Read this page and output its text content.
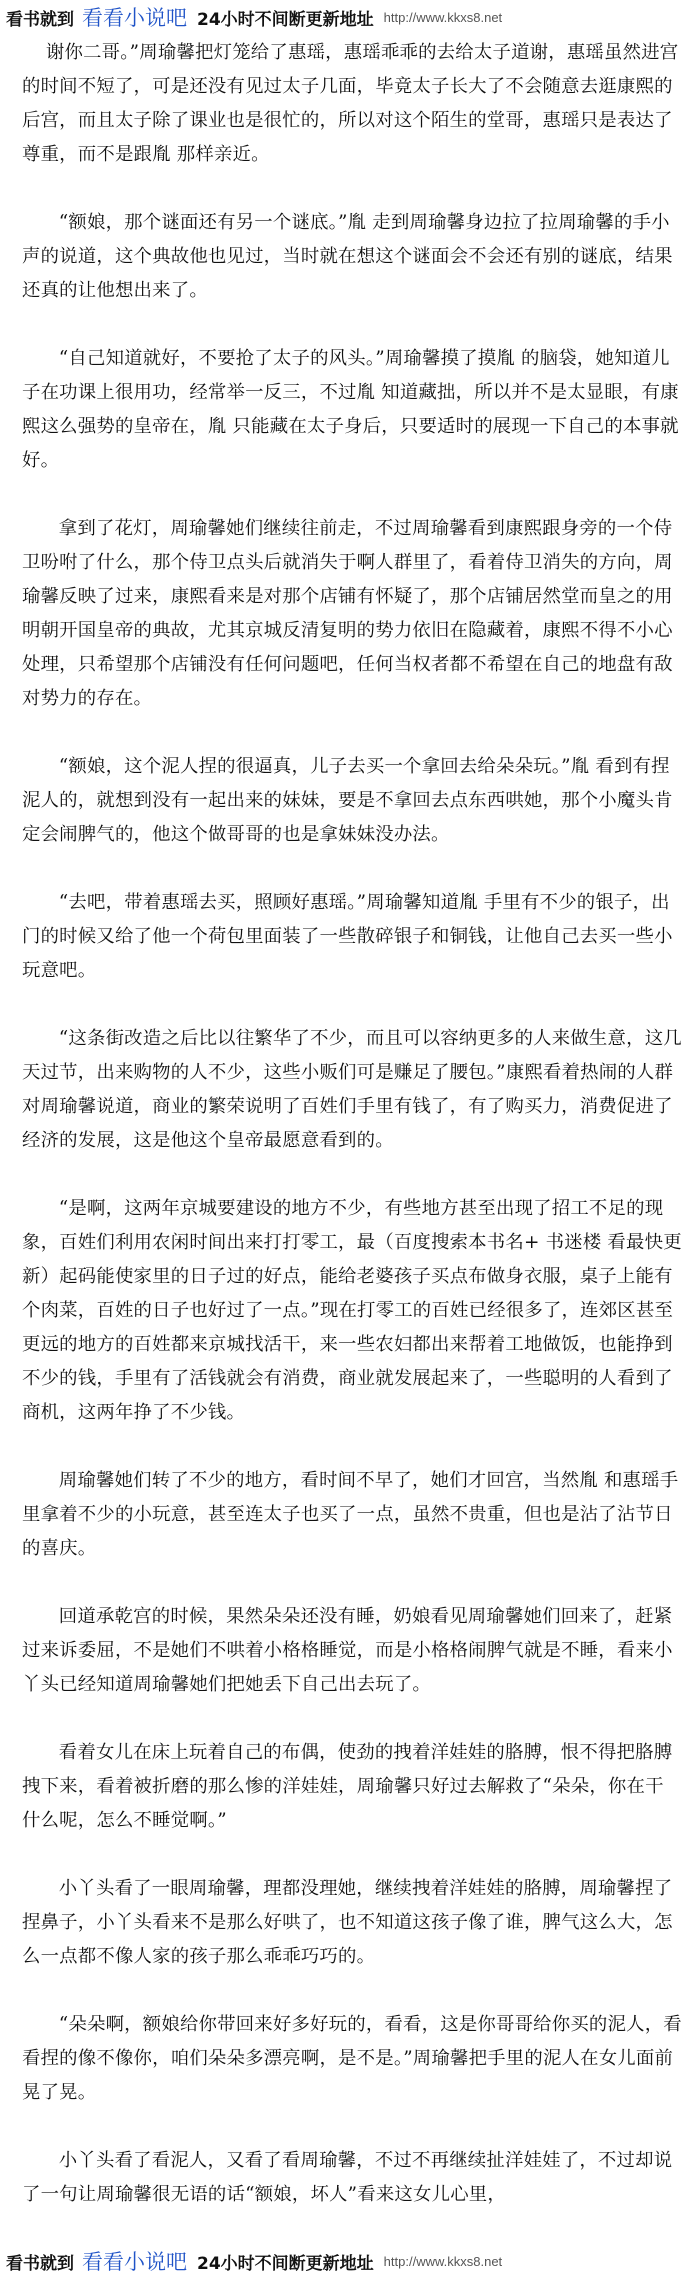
看书就到 看看小说吧 24小时不间断更新地址 http://www.kkxs8.net

谢你二哥。”周瑜馨把灯笼给了惠瑶，惠瑶乖乖的去给太子道谢，惠瑶虽然进宫的时间不短了，可是还没有见过太子几面，毕竟太子长大了不会随意去逛康熙的后宫，而且太子除了课业也是很忙的，所以对这个陌生的堂哥，惠瑶只是表达了尊重，而不是跟胤 那样亲近。

“额娘，那个谜面还有另一个谜底。”胤 走到周瑜馨身边拉了拉周瑜馨的手小声的说道，这个典故他也见过，当时就在想这个谜面会不会还有别的谜底，结果还真的让他想出来了。

“自己知道就好，不要抢了太子的风头。”周瑜馨摸了摸胤 的脑袋，她知道儿子在功课上很用功，经常举一反三，不过胤 知道藏拙，所以并不是太显眼，有康熙这么强势的皇帝在，胤 只能藏在太子身后，只要适时的展现一下自己的本事就好。

拿到了花灯，周瑜馨她们继续往前走，不过周瑜馨看到康熙跟身旁的一个侍卫吩咐了什么，那个侍卫点头后就消失于啊人群里了，看着侍卫消失的方向，周瑜馨反映了过来，康熙看来是对那个店铺有怀疑了，那个店铺居然堂而皇之的用明朝开国皇帝的典故，尤其京城反清复明的势力依旧在隐藏着，康熙不得不小心处理，只希望那个店铺没有任何问题吧，任何当权者都不希望在自己的地盘有敌对势力的存在。

“额娘，这个泥人捏的很逼真，儿子去买一个拿回去给朵朵玩。”胤 看到有捏泥人的，就想到没有一起出来的妹妹，要是不拿回去点东西哄她，那个小魔头肯定会闹脾气的，他这个做哥哥的也是拿妹妹没办法。

“去吧，带着惠瑶去买，照顾好惠瑶。”周瑜馨知道胤 手里有不少的银子，出门的时候又给了他一个荷包里面装了一些散碎银子和铜钱，让他自己去买一些小玩意吧。

“这条街改造之后比以往繁华了不少，而且可以容纳更多的人来做生意，这几天过节，出来购物的人不少，这些小贩们可是赚足了腰包。”康熙看着热闹的人群对周瑜馨说道，商业的繁荣说明了百姓们手里有钱了，有了购买力，消费促进了经济的发展，这是他这个皇帝最愿意看到的。

“是啊，这两年京城要建设的地方不少，有些地方甚至出现了招工不足的现象，百姓们利用农闲时间出来打打零工，最（百度搜索本书名+ 书迷楼 看最快更新）起码能使家里的日子过的好点，能给老婆孩子买点布做身衣服，桌子上能有个肉菜，百姓的日子也好过了一点。”现在打零工的百姓已经很多了，连郊区甚至更远的地方的百姓都来京城找活干，来一些农妇都出来帮着工地做饭，也能挣到不少的钱，手里有了活钱就会有消费，商业就发展起来了，一些聪明的人看到了商机，这两年挣了不少钱。

周瑜馨她们转了不少的地方，看时间不早了，她们才回宫，当然胤 和惠瑶手里拿着不少的小玩意，甚至连太子也买了一点，虽然不贵重，但也是沾了沾节日的喜庆。

回道承乾宫的时候，果然朵朵还没有睡，奶娘看见周瑜馨她们回来了，赶紧过来诉委屈，不是她们不哄着小格格睡觉，而是小格格闹脾气就是不睡，看来小丫头已经知道周瑜馨她们把她丢下自己出去玩了。

看着女儿在床上玩着自己的布偶，使劲的拽着洋娃娃的胳膊，恨不得把胳膊拽下来，看着被折磨的那么惨的洋娃娃，周瑜馨只好过去解救了“朵朵，你在干什么呢，怎么不睡觉啊。”

小丫头看了一眼周瑜馨，理都没理她，继续拽着洋娃娃的胳膊，周瑜馨捏了捏鼻子，小丫头看来不是那么好哄了，也不知道这孩子像了谁，脾气这么大，怎么一点都不像人家的孩子那么乖乖巧巧的。

“朵朵啊，额娘给你带回来好多好玩的，看看，这是你哥哥给你买的泥人，看看捏的像不像你，咱们朵朵多漂亮啊，是不是。”周瑜馨把手里的泥人在女儿面前晃了晃。

小丫头看了看泥人，又看了看周瑜馨，不过不再继续扯洋娃娃了，不过却说了一句让周瑜馨很无语的话“额娘，坏人”看来这女儿心里，

看书就到 看看小说吧 24小时不间断更新地址 http://www.kkxs8.net
